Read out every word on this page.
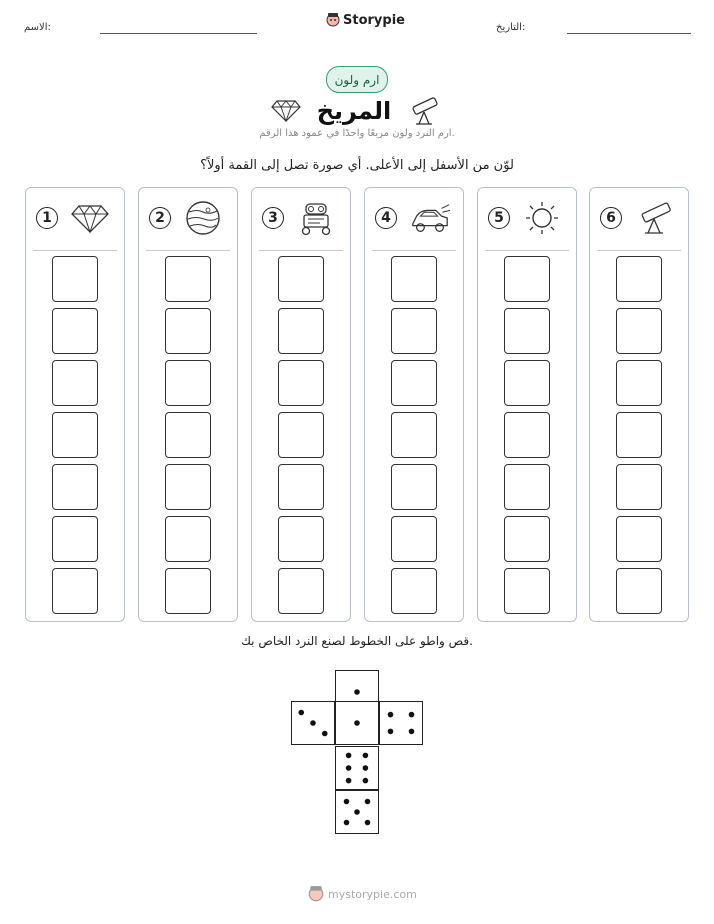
الاسم:	Storypie	التاريخ:
ارم ولون
المريخ
ارم النرد ولون مربعًا واحدًا في عمود هذا الرقم.
لوّن من الأسفل إلى الأعلى. أي صورة تصل إلى القمة أولاً؟
1	2	3	4	5	6
قص واطو على الخطوط لصنع النرد الخاص بك.
mystorypie.com
